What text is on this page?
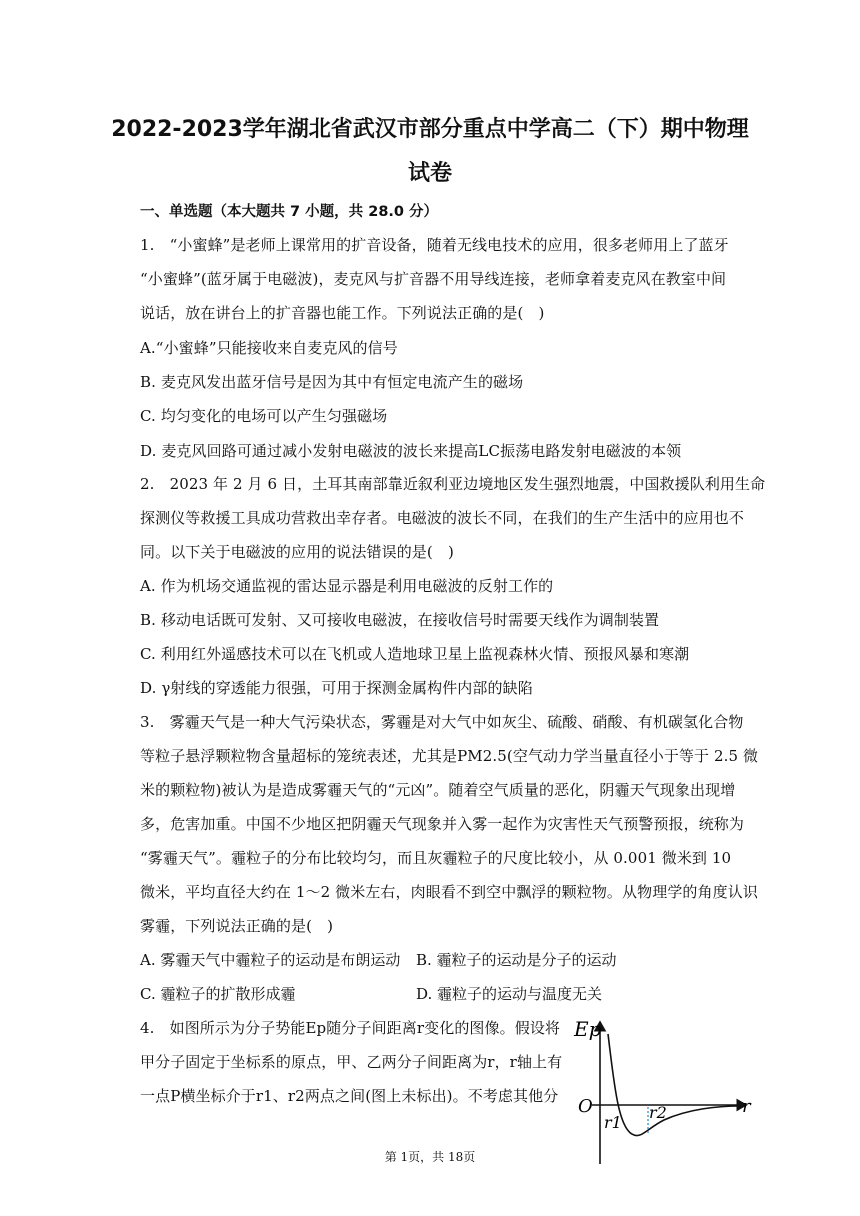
2022-2023学年湖北省武汉市部分重点中学高二（下）期中物理
试卷
一、单选题（本大题共 7 小题，共 28.0 分）
1.　“小蜜蜂”是老师上课常用的扩音设备，随着无线电技术的应用，很多老师用上了蓝牙
“小蜜蜂”(蓝牙属于电磁波)，麦克风与扩音器不用导线连接，老师拿着麦克风在教室中间
说话，放在讲台上的扩音器也能工作。下列说法正确的是(　)
A.“小蜜蜂”只能接收来自麦克风的信号
B. 麦克风发出蓝牙信号是因为其中有恒定电流产生的磁场
C. 均匀变化的电场可以产生匀强磁场
D. 麦克风回路可通过减小发射电磁波的波长来提高LC振荡电路发射电磁波的本领
2.　2023 年 2 月 6 日，土耳其南部靠近叙利亚边境地区发生强烈地震，中国救援队利用生命
探测仪等救援工具成功营救出幸存者。电磁波的波长不同，在我们的生产生活中的应用也不
同。以下关于电磁波的应用的说法错误的是(　)
A. 作为机场交通监视的雷达显示器是利用电磁波的反射工作的
B. 移动电话既可发射、又可接收电磁波，在接收信号时需要天线作为调制装置
C. 利用红外遥感技术可以在飞机或人造地球卫星上监视森林火情、预报风暴和寒潮
D. γ射线的穿透能力很强，可用于探测金属构件内部的缺陷
3.　雾霾天气是一种大气污染状态，雾霾是对大气中如灰尘、硫酸、硝酸、有机碳氢化合物
等粒子悬浮颗粒物含量超标的笼统表述，尤其是PM2.5(空气动力学当量直径小于等于 2.5 微
米的颗粒物)被认为是造成雾霾天气的“元凶”。随着空气质量的恶化，阴霾天气现象出现增
多，危害加重。中国不少地区把阴霾天气现象并入雾一起作为灾害性天气预警预报，统称为
“雾霾天气”。霾粒子的分布比较均匀，而且灰霾粒子的尺度比较小，从 0.001 微米到 10
微米，平均直径大约在 1～2 微米左右，肉眼看不到空中飘浮的颗粒物。从物理学的角度认识
雾霾，下列说法正确的是(　)
A. 雾霾天气中霾粒子的运动是布朗运动 B. 霾粒子的运动是分子的运动
C. 霾粒子的扩散形成霾	D. 霾粒子的运动与温度无关
4.　如图所示为分子势能Ep随分子间距离r变化的图像。假设将
甲分子固定于坐标系的原点，甲、乙两分子间距离为r，r轴上有
一点P横坐标介于r1、r2两点之间(图上未标出)。不考虑其他分
Ep
r
O
r1
r2
第 1页，共 18页
